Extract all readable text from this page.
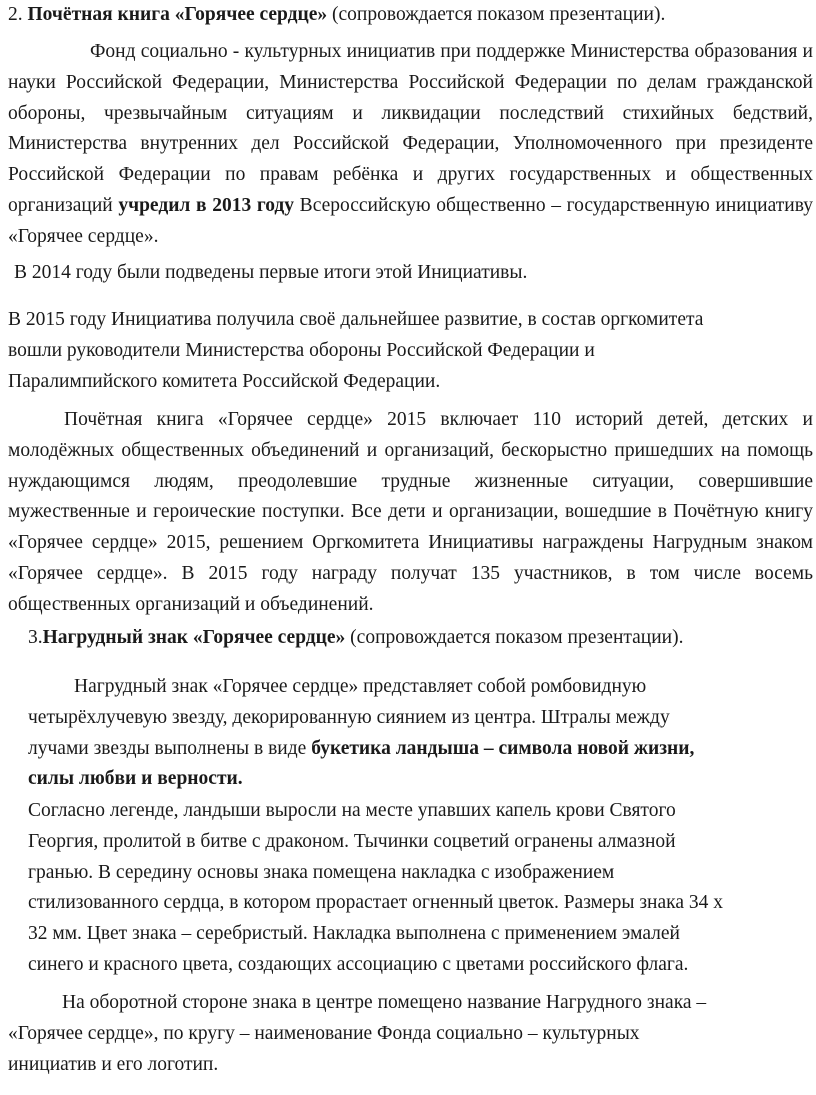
2. Почётная книга «Горячее сердце» (сопровождается показом презентации).

Фонд социально - культурных инициатив при поддержке Министерства образования и науки Российской Федерации, Министерства Российской Федерации по делам гражданской обороны, чрезвычайным ситуациям и ликвидации последствий стихийных бедствий, Министерства внутренних дел Российской Федерации, Уполномоченного при президенте Российской Федерации по правам ребёнка и других государственных и общественных организаций учредил в 2013 году Всероссийскую общественно – государственную инициативу «Горячее сердце».

В 2014 году были подведены первые итоги этой Инициативы.

В 2015 году Инициатива получила своё дальнейшее развитие, в состав оргкомитета
вошли руководители Министерства обороны Российской Федерации и
Паралимпийского комитета Российской Федерации.

Почётная книга «Горячее сердце» 2015 включает 110 историй детей, детских и молодёжных общественных объединений и организаций, бескорыстно пришедших на помощь нуждающимся людям, преодолевшие трудные жизненные ситуации, совершившие мужественные и героические поступки. Все дети и организации, вошедшие в Почётную книгу «Горячее сердце» 2015, решением Оргкомитета Инициативы награждены Нагрудным знаком «Горячее сердце». В 2015 году награду получат 135 участников, в том числе восемь общественных организаций и объединений.

3.Нагрудный знак «Горячее сердце» (сопровождается показом презентации).

Нагрудный знак «Горячее сердце» представляет собой ромбовидную
четырёхлучевую звезду, декорированную сиянием из центра. Штралы между
лучами звезды выполнены в виде букетика ландыша – символа новой жизни,
силы любви и верности.
Согласно легенде, ландыши выросли на месте упавших капель крови Святого
Георгия, пролитой в битве с драконом. Тычинки соцветий огранены алмазной
гранью. В середину основы знака помещена накладка с изображением
стилизованного сердца, в котором прорастает огненный цветок. Размеры знака 34 х
32 мм. Цвет знака – серебристый. Накладка выполнена с применением эмалей
синего и красного цвета, создающих ассоциацию с цветами российского флага.
На оборотной стороне знака в центре помещено название Нагрудного знака –
«Горячее сердце», по кругу – наименование Фонда социально – культурных
инициатив и его логотип.
